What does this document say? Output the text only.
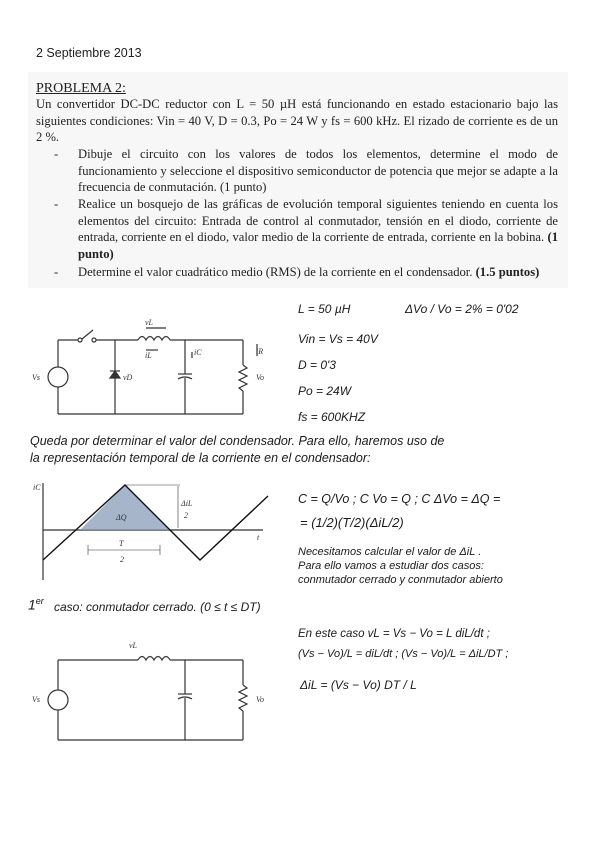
2 Septiembre 2013
PROBLEMA 2:
Un convertidor DC-DC reductor con L = 50 µH está funcionando en estado estacionario bajo las siguientes condiciones: Vin = 40 V, D = 0.3, Po = 24 W y fs = 600 kHz. El rizado de corriente es de un 2 %.
- Dibuje el circuito con los valores de todos los elementos, determine el modo de funcionamiento y seleccione el dispositivo semiconductor de potencia que mejor se adapte a la frecuencia de conmutación. (1 punto)
- Realice un bosquejo de las gráficas de evolución temporal siguientes teniendo en cuenta los elementos del circuito: Entrada de control al conmutador, tensión en el diodo, corriente de entrada, corriente en el diodo, valor medio de la corriente de entrada, corriente en la bobina. (1 punto)
- Determine el valor cuadrático medio (RMS) de la corriente en el condensador. (1.5 puntos)
vL
iL	iC	iR
vD
Vs	Vo
L = 50 µH	ΔVo / Vo = 2% = 0'02
Vin = Vs = 40V
D = 0'3
Po = 24W
fs = 600KHZ
Queda por determinar el valor del condensador. Para ello, haremos uso de
la representación temporal de la corriente en el condensador:
iC
t
ΔQ
ΔiL
2
T
2
C = Q/Vo ; C Vo = Q ; C ΔVo = ΔQ =
= (1/2)(T/2)(ΔiL/2)
Necesitamos calcular el valor de ΔiL .
Para ello vamos a estudiar dos casos:
conmutador cerrado y conmutador abierto
1er caso: conmutador cerrado. (0 ≤ t ≤ DT)
vL
Vs	Vo
En este caso vL = Vs − Vo = L diL/dt ;
(Vs − Vo)/L = diL/dt ; (Vs − Vo)/L = ΔiL/DT ;
ΔiL = (Vs − Vo) DT / L
